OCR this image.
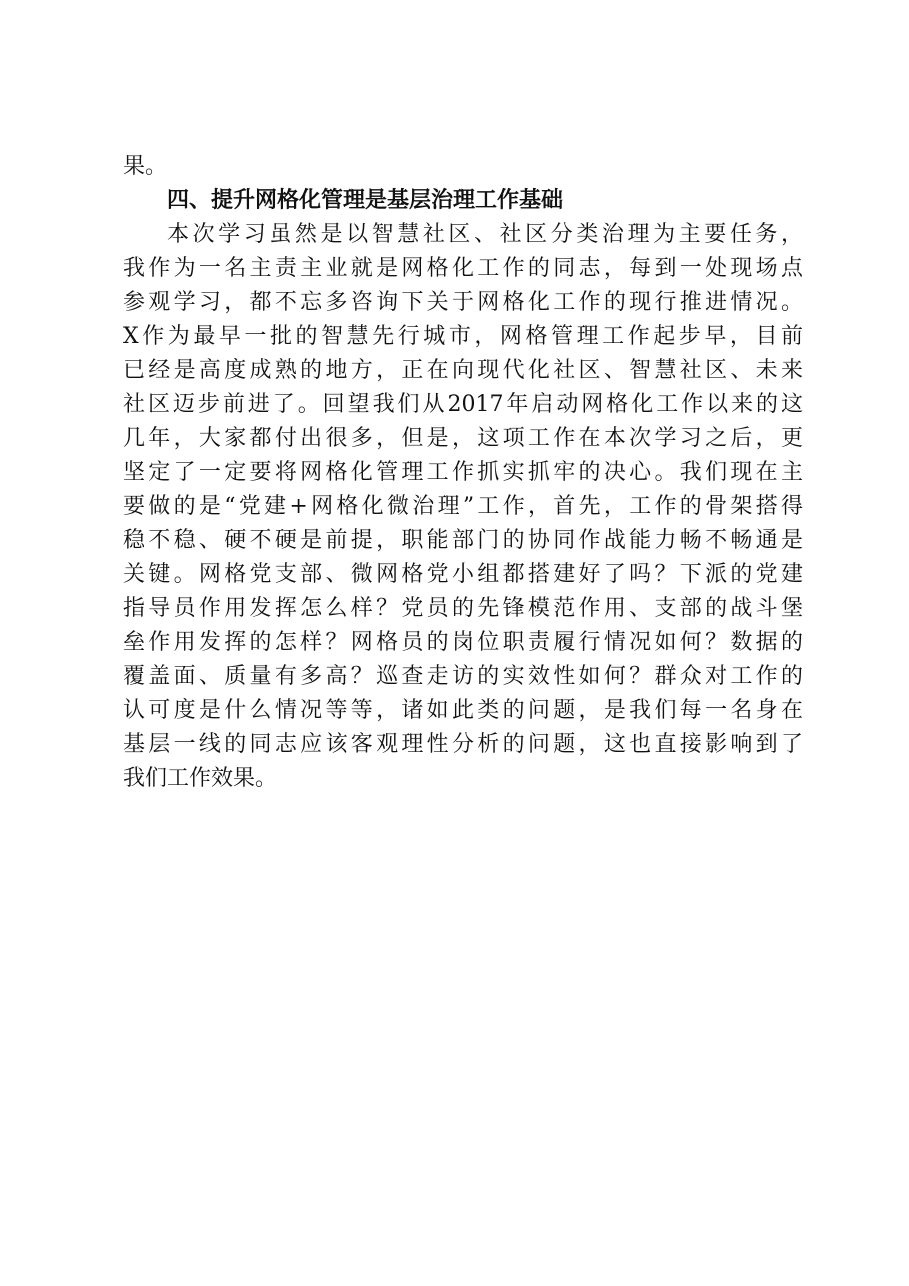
果。
四、提升网格化管理是基层治理工作基础
本次学习虽然是以智慧社区、社区分类治理为主要任务，
我作为一名主责主业就是网格化工作的同志，每到一处现场点
参观学习，都不忘多咨询下关于网格化工作的现行推进情况。
X作为最早一批的智慧先行城市，网格管理工作起步早，目前
已经是高度成熟的地方，正在向现代化社区、智慧社区、未来
社区迈步前进了。回望我们从2017年启动网格化工作以来的这
几年，大家都付出很多，但是，这项工作在本次学习之后，更
坚定了一定要将网格化管理工作抓实抓牢的决心。我们现在主
要做的是“党建+网格化微治理”工作，首先，工作的骨架搭得
稳不稳、硬不硬是前提，职能部门的协同作战能力畅不畅通是
关键。网格党支部、微网格党小组都搭建好了吗？下派的党建
指导员作用发挥怎么样？党员的先锋模范作用、支部的战斗堡
垒作用发挥的怎样？网格员的岗位职责履行情况如何？数据的
覆盖面、质量有多高？巡查走访的实效性如何？群众对工作的
认可度是什么情况等等，诸如此类的问题，是我们每一名身在
基层一线的同志应该客观理性分析的问题，这也直接影响到了
我们工作效果。
